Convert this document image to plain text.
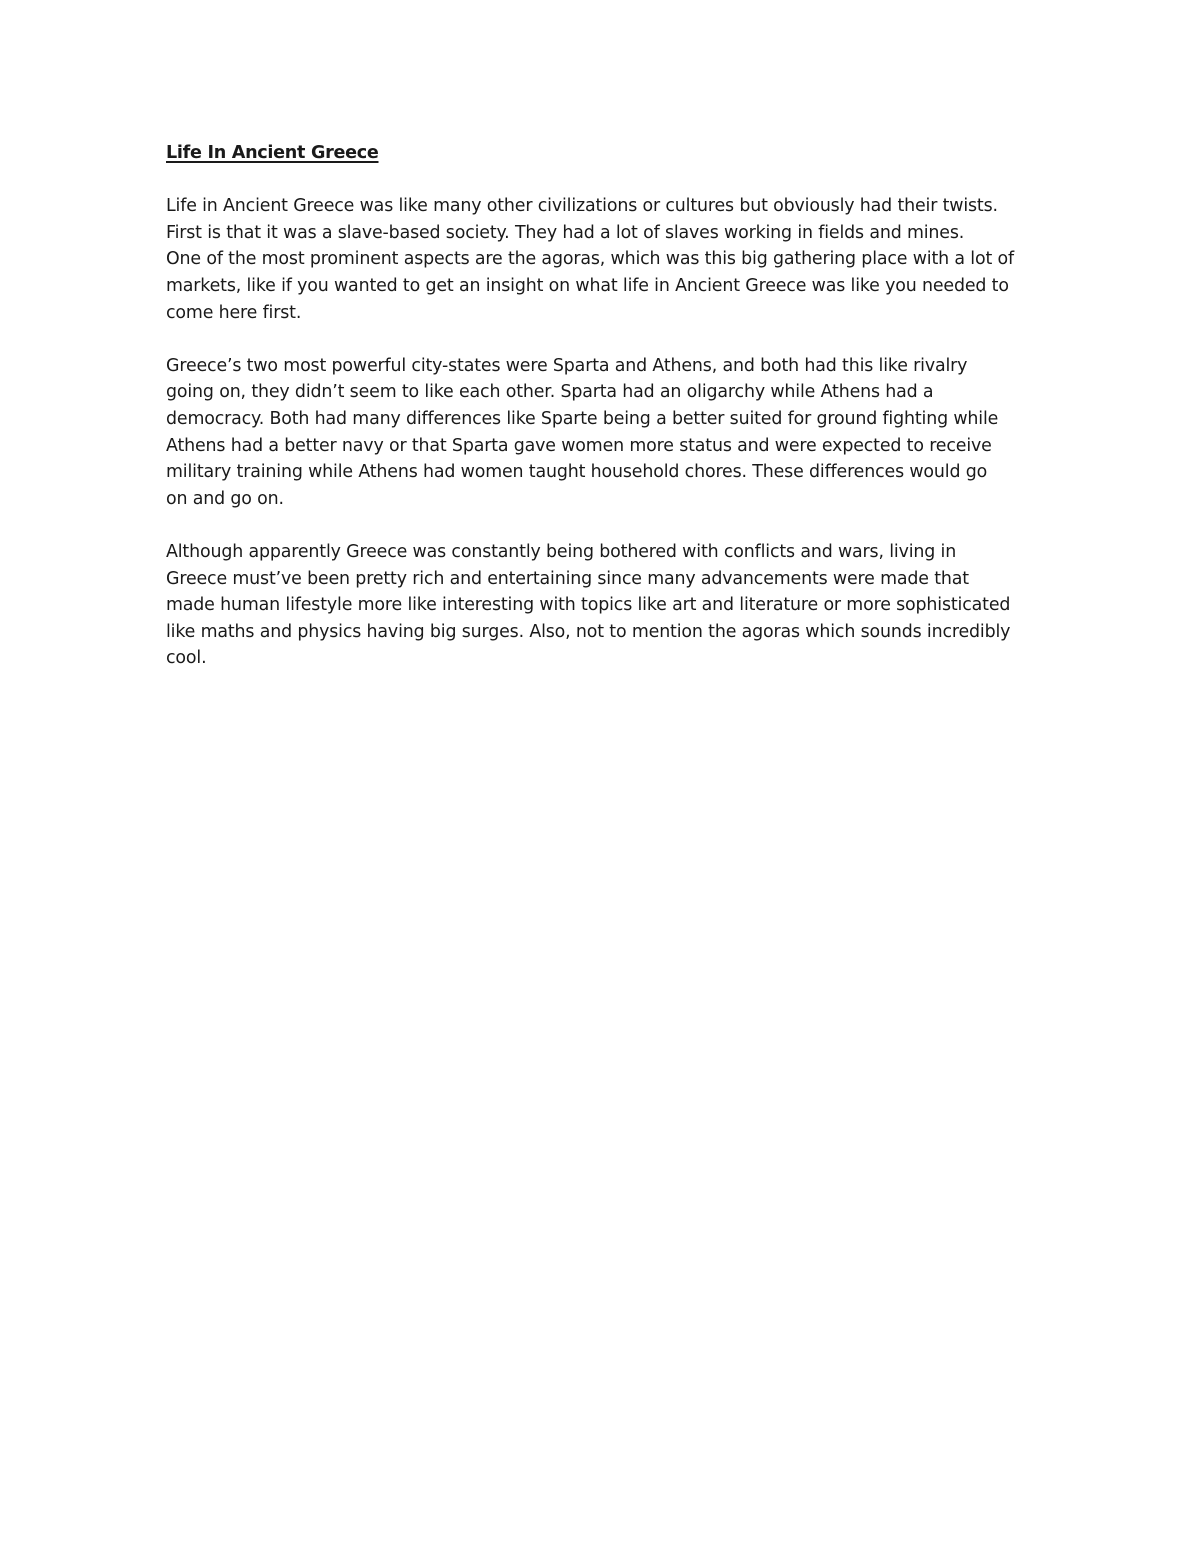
Life In Ancient Greece
Life in Ancient Greece was like many other civilizations or cultures but obviously had their twists.
First is that it was a slave-based society. They had a lot of slaves working in fields and mines.
One of the most prominent aspects are the agoras, which was this big gathering place with a lot of
markets, like if you wanted to get an insight on what life in Ancient Greece was like you needed to
come here first.
Greece’s two most powerful city-states were Sparta and Athens, and both had this like rivalry
going on, they didn’t seem to like each other. Sparta had an oligarchy while Athens had a
democracy. Both had many differences like Sparte being a better suited for ground fighting while
Athens had a better navy or that Sparta gave women more status and were expected to receive
military training while Athens had women taught household chores. These differences would go
on and go on.
Although apparently Greece was constantly being bothered with conflicts and wars, living in
Greece must’ve been pretty rich and entertaining since many advancements were made that
made human lifestyle more like interesting with topics like art and literature or more sophisticated
like maths and physics having big surges. Also, not to mention the agoras which sounds incredibly
cool.
